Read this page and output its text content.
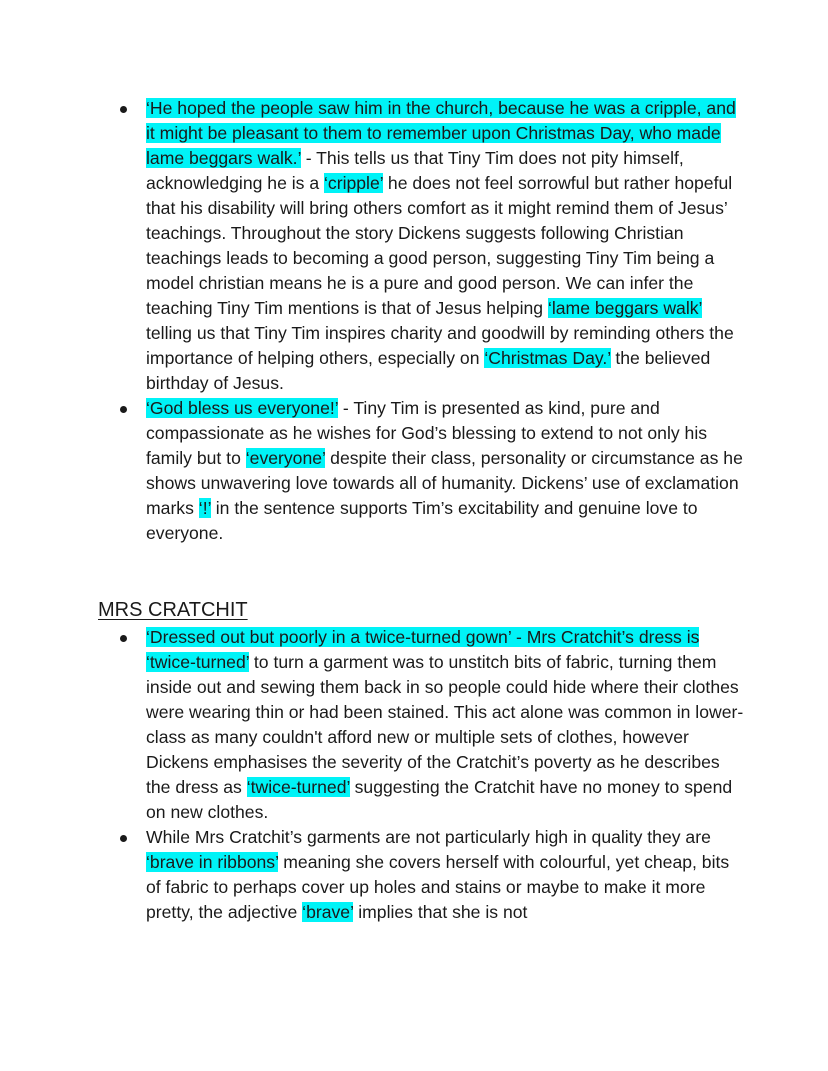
‘He hoped the people saw him in the church, because he was a cripple, and it might be pleasant to them to remember upon Christmas Day, who made lame beggars walk.’ - This tells us that Tiny Tim does not pity himself, acknowledging he is a ‘cripple’ he does not feel sorrowful but rather hopeful that his disability will bring others comfort as it might remind them of Jesus’ teachings. Throughout the story Dickens suggests following Christian teachings leads to becoming a good person, suggesting Tiny Tim being a model christian means he is a pure and good person. We can infer the teaching Tiny Tim mentions is that of Jesus helping ‘lame beggars walk’ telling us that Tiny Tim inspires charity and goodwill by reminding others the importance of helping others, especially on ‘Christmas Day.’ the believed birthday of Jesus.
‘God bless us everyone!’ - Tiny Tim is presented as kind, pure and compassionate as he wishes for God’s blessing to extend to not only his family but to ‘everyone’ despite their class, personality or circumstance as he shows unwavering love towards all of humanity. Dickens’ use of exclamation marks ‘!’ in the sentence supports Tim’s excitability and genuine love to everyone.
MRS CRATCHIT
‘Dressed out but poorly in a twice-turned gown’ - Mrs Cratchit’s dress is ‘twice-turned’ to turn a garment was to unstitch bits of fabric, turning them inside out and sewing them back in so people could hide where their clothes were wearing thin or had been stained. This act alone was common in lower-class as many couldn't afford new or multiple sets of clothes, however Dickens emphasises the severity of the Cratchit’s poverty as he describes the dress as ‘twice-turned’ suggesting the Cratchit have no money to spend on new clothes.
While Mrs Cratchit’s garments are not particularly high in quality they are ‘brave in ribbons’ meaning she covers herself with colourful, yet cheap, bits of fabric to perhaps cover up holes and stains or maybe to make it more pretty, the adjective ‘brave’ implies that she is not
